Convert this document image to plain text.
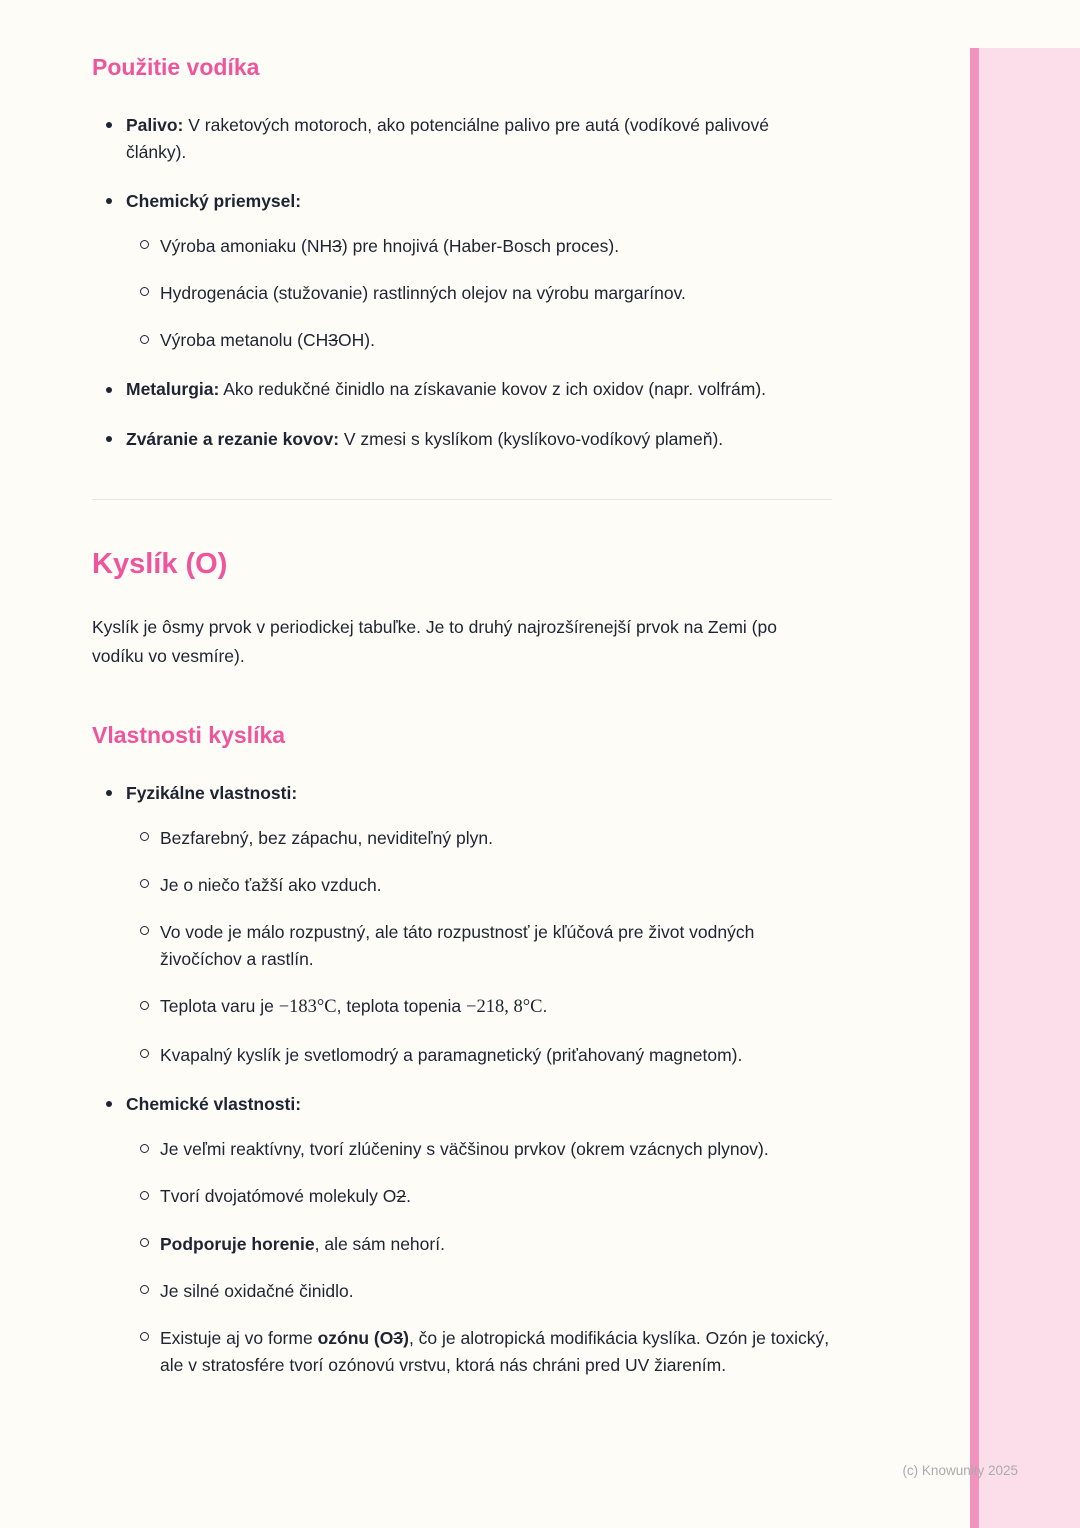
Použitie vodíka
Palivo: V raketových motoroch, ako potenciálne palivo pre autá (vodíkové palivové články).
Chemický priemysel:
Výroba amoniaku (NH3) pre hnojivá (Haber-Bosch proces).
Hydrogenácia (stužovanie) rastlinných olejov na výrobu margarínov.
Výroba metanolu (CH3OH).
Metalurgia: Ako redukčné činidlo na získavanie kovov z ich oxidov (napr. volfrám).
Zváranie a rezanie kovov: V zmesi s kyslíkom (kyslíkovo-vodíkový plameň).
Kyslík (O)

Kyslík je ôsmy prvok v periodickej tabuľke. Je to druhý najrozšírenejší prvok na Zemi (po vodíku vo vesmíre).

Vlastnosti kyslíka
Fyzikálne vlastnosti:
Bezfarebný, bez zápachu, neviditeľný plyn.
Je o niečo ťažší ako vzduch.
Vo vode je málo rozpustný, ale táto rozpustnosť je kľúčová pre život vodných živočíchov a rastlín.
Teplota varu je −183°C, teplota topenia −218, 8°C.
Kvapalný kyslík je svetlomodrý a paramagnetický (priťahovaný magnetom).
Chemické vlastnosti:
Je veľmi reaktívny, tvorí zlúčeniny s väčšinou prvkov (okrem vzácnych plynov).
Tvorí dvojatómové molekuly O2.
Podporuje horenie, ale sám nehorí.
Je silné oxidačné činidlo.
Existuje aj vo forme ozónu (O3), čo je alotropická modifikácia kyslíka. Ozón je toxický, ale v stratosfére tvorí ozónovú vrstvu, ktorá nás chráni pred UV žiarením.
(c) Knowunity 2025
